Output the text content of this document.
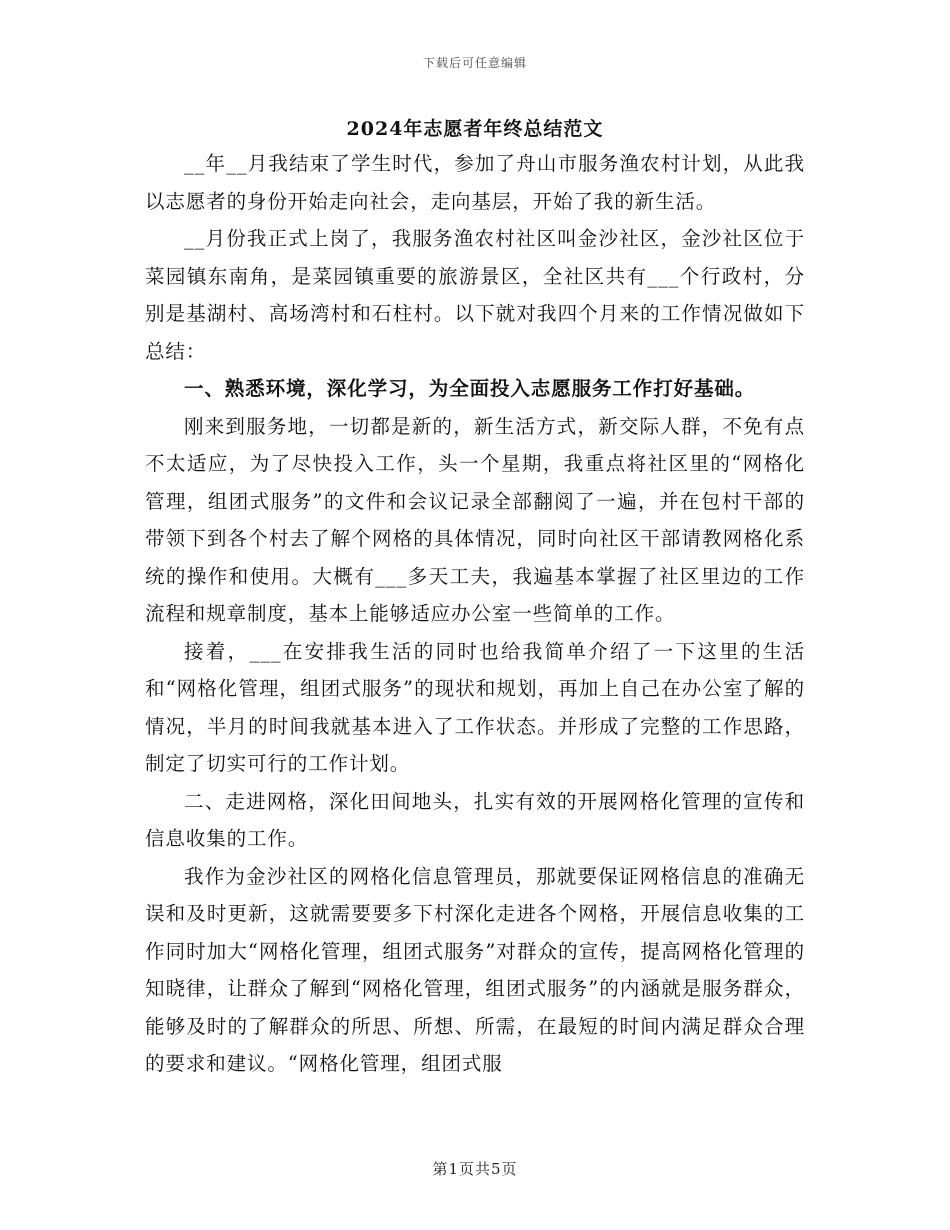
下载后可任意编辑
2024年志愿者年终总结范文

__年__月我结束了学生时代，参加了舟山市服务渔农村计划，从此我以志愿者的身份开始走向社会，走向基层，开始了我的新生活。

__月份我正式上岗了，我服务渔农村社区叫金沙社区，金沙社区位于菜园镇东南角，是菜园镇重要的旅游景区，全社区共有___个行政村，分别是基湖村、高场湾村和石柱村。以下就对我四个月来的工作情况做如下总结：

一、熟悉环境，深化学习，为全面投入志愿服务工作打好基础。

刚来到服务地，一切都是新的，新生活方式，新交际人群，不免有点不太适应，为了尽快投入工作，头一个星期，我重点将社区里的“网格化管理，组团式服务”的文件和会议记录全部翻阅了一遍，并在包村干部的带领下到各个村去了解个网格的具体情况，同时向社区干部请教网格化系统的操作和使用。大概有___多天工夫，我遍基本掌握了社区里边的工作流程和规章制度，基本上能够适应办公室一些简单的工作。

接着，___在安排我生活的同时也给我简单介绍了一下这里的生活和“网格化管理，组团式服务”的现状和规划，再加上自己在办公室了解的情况，半月的时间我就基本进入了工作状态。并形成了完整的工作思路，制定了切实可行的工作计划。

二、走进网格，深化田间地头，扎实有效的开展网格化管理的宣传和信息收集的工作。

我作为金沙社区的网格化信息管理员，那就要保证网格信息的准确无误和及时更新，这就需要要多下村深化走进各个网格，开展信息收集的工作同时加大“网格化管理，组团式服务”对群众的宣传，提高网格化管理的知晓律，让群众了解到“网格化管理，组团式服务”的内涵就是服务群众，能够及时的了解群众的所思、所想、所需，在最短的时间内满足群众合理的要求和建议。“网格化管理，组团式服

第1页共5页
